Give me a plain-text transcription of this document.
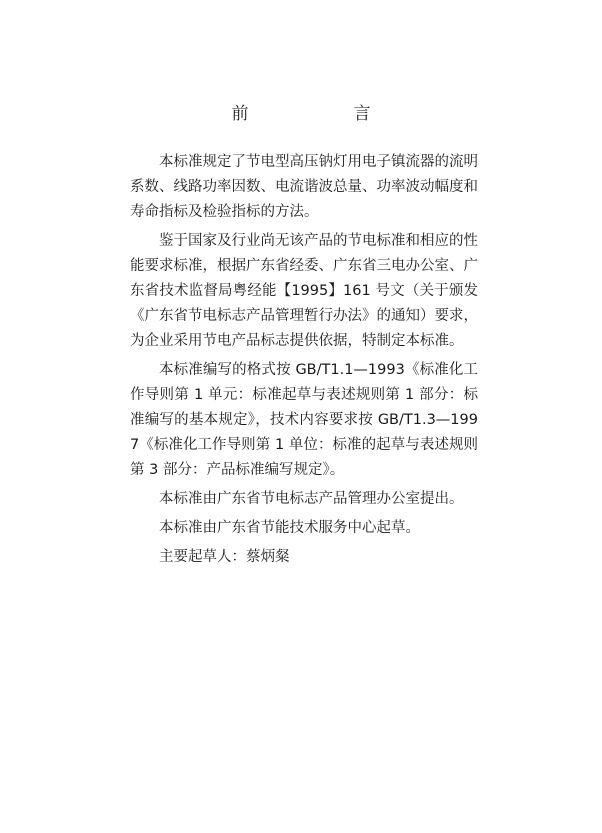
前　言

本标准规定了节电型高压钠灯用电子镇流器的流明系数、线路功率因数、电流谐波总量、功率波动幅度和寿命指标及检验指标的方法。

鉴于国家及行业尚无该产品的节电标准和相应的性能要求标准，根据广东省经委、广东省三电办公室、广东省技术监督局粤经能【1995】161 号文（关于颁发《广东省节电标志产品管理暂行办法》的通知）要求，为企业采用节电产品标志提供依据，特制定本标准。

本标准编写的格式按 GB/T1.1—1993《标准化工作导则第 1 单元：标准起草与表述规则第 1 部分：标准编写的基本规定》，技术内容要求按 GB/T1.3—1997《标准化工作导则第 1 单位：标准的起草与表述规则第 3 部分：产品标准编写规定》。

本标准由广东省节电标志产品管理办公室提出。

本标准由广东省节能技术服务中心起草。

主要起草人：蔡炳粲
